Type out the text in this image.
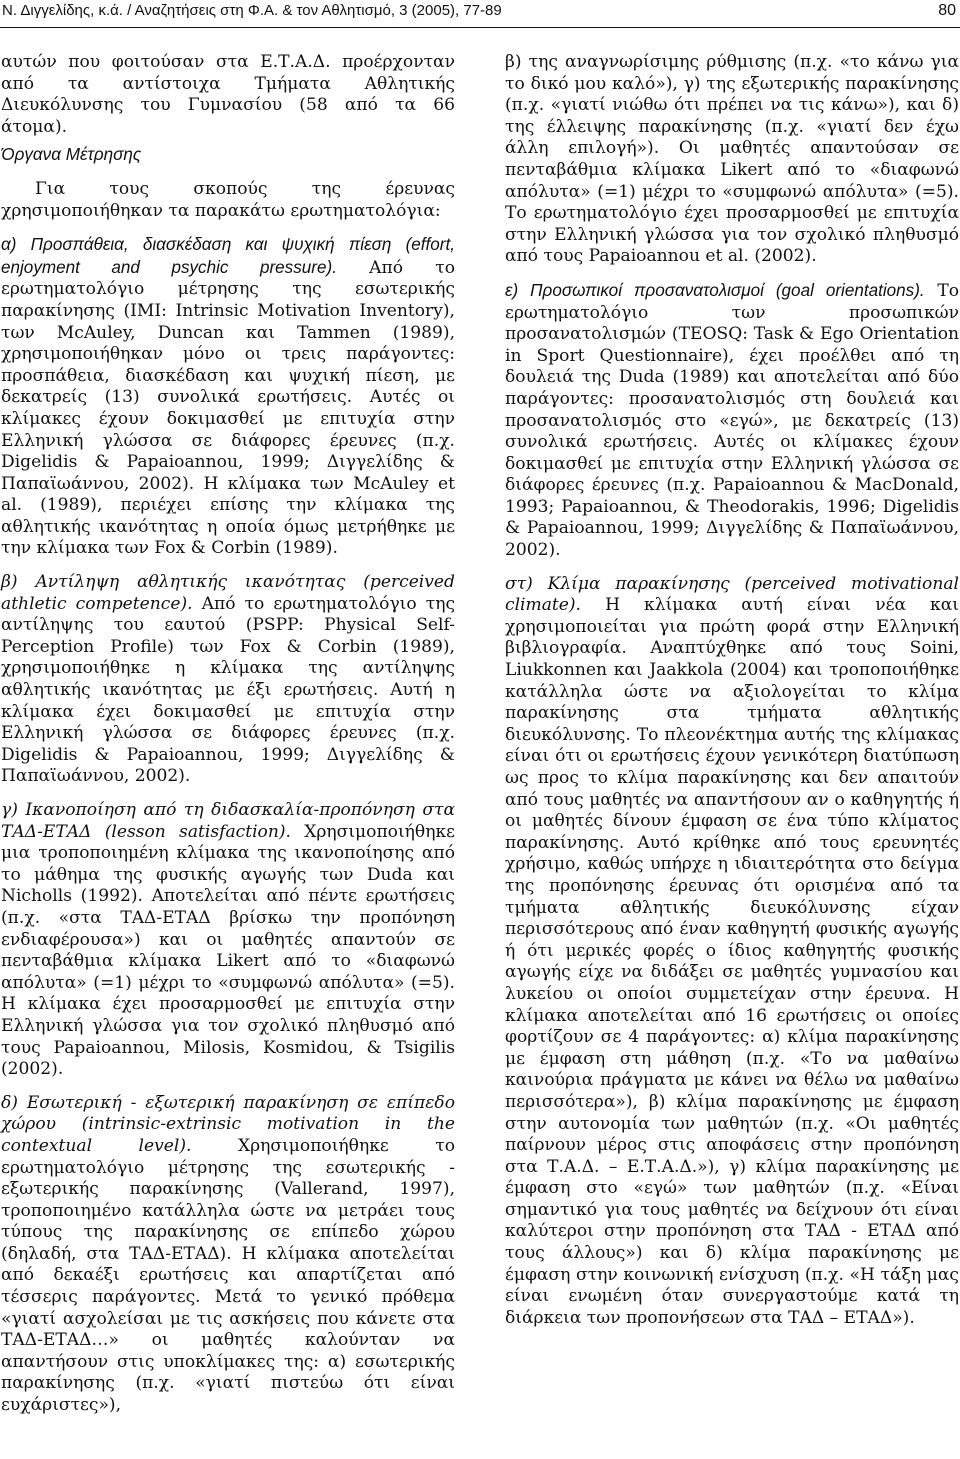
Ν. Διγγελίδης, κ.ά. / Αναζητήσεις στη Φ.Α. & τον Αθλητισμό, 3 (2005), 77-89	80

αυτών που φοιτούσαν στα Ε.Τ.Α.Δ. προέρχονταν από τα αντίστοιχα Τμήματα Αθλητικής Διευκόλυνσης του Γυμνασίου (58 από τα 66 άτομα).

Όργανα Μέτρησης

Για τους σκοπούς της έρευνας χρησιμοποιήθηκαν τα παρακάτω ερωτηματολόγια:

α) Προσπάθεια, διασκέδαση και ψυχική πίεση (effort, enjoyment and psychic pressure). Από το ερωτηματολόγιο μέτρησης της εσωτερικής παρακίνησης (IMI: Intrinsic Motivation Inventory), των McAuley, Duncan και Tammen (1989), χρησιμοποιήθηκαν μόνο οι τρεις παράγοντες: προσπάθεια, διασκέδαση και ψυχική πίεση, με δεκατρείς (13) συνολικά ερωτήσεις. Αυτές οι κλίμακες έχουν δοκιμασθεί με επιτυχία στην Ελληνική γλώσσα σε διάφορες έρευνες (π.χ. Digelidis & Papaioannou, 1999; Διγγελίδης & Παπαϊωάννου, 2002). Η κλίμακα των McAuley et al. (1989), περιέχει επίσης την κλίμακα της αθλητικής ικανότητας η οποία όμως μετρήθηκε με την κλίμακα των Fox & Corbin (1989).

β) Αντίληψη αθλητικής ικανότητας (perceived athletic competence). Από το ερωτηματολόγιο της αντίληψης του εαυτού (PSPP: Physical Self-Perception Profile) των Fox & Corbin (1989), χρησιμοποιήθηκε η κλίμακα της αντίληψης αθλητικής ικανότητας με έξι ερωτήσεις. Αυτή η κλίμακα έχει δοκιμασθεί με επιτυχία στην Ελληνική γλώσσα σε διάφορες έρευνες (π.χ. Digelidis & Papaioannou, 1999; Διγγελίδης & Παπαϊωάννου, 2002).

γ) Ικανοποίηση από τη διδασκαλία-προπόνηση στα ΤΑΔ-ΕΤΑΔ (lesson satisfaction). Χρησιμοποιήθηκε μια τροποποιημένη κλίμακα της ικανοποίησης από το μάθημα της φυσικής αγωγής των Duda και Nicholls (1992). Αποτελείται από πέντε ερωτήσεις (π.χ. «στα ΤΑΔ-ΕΤΑΔ βρίσκω την προπόνηση ενδιαφέρουσα») και οι μαθητές απαντούν σε πενταβάθμια κλίμακα Likert από το «διαφωνώ απόλυτα» (=1) μέχρι το «συμφωνώ απόλυτα» (=5). Η κλίμακα έχει προσαρμοσθεί με επιτυχία στην Ελληνική γλώσσα για τον σχολικό πληθυσμό από τους Papaioannou, Milosis, Kosmidou, & Tsigilis (2002).

δ) Εσωτερική - εξωτερική παρακίνηση σε επίπεδο χώρου (intrinsic-extrinsic motivation in the contextual level).	Χρησιμοποιήθηκε το ερωτηματολόγιο μέτρησης της εσωτερικής - εξωτερικής παρακίνησης (Vallerand, 1997), τροποποιημένο κατάλληλα ώστε να μετράει τους τύπους της παρακίνησης σε επίπεδο χώρου (δηλαδή, στα ΤΑΔ-ΕΤΑΔ). Η κλίμακα αποτελείται από δεκαέξι ερωτήσεις και απαρτίζεται από τέσσερις παράγοντες. Μετά το γενικό πρόθεμα «γιατί ασχολείσαι με τις ασκήσεις που κάνετε στα ΤΑΔ-ΕΤΑΔ…» οι μαθητές καλούνταν να απαντήσουν στις υποκλίμακες της: α) εσωτερικής παρακίνησης (π.χ. «γιατί πιστεύω ότι είναι ευχάριστες»),

β) της αναγνωρίσιμης ρύθμισης (π.χ. «το κάνω για το δικό μου καλό»), γ) της εξωτερικής παρακίνησης (π.χ. «γιατί νιώθω ότι πρέπει να τις κάνω»), και δ) της έλλειψης παρακίνησης (π.χ. «γιατί δεν έχω άλλη επιλογή»). Οι μαθητές απαντούσαν σε πενταβάθμια κλίμακα Likert από το «διαφωνώ απόλυτα» (=1) μέχρι το «συμφωνώ απόλυτα» (=5). Το ερωτηματολόγιο έχει προσαρμοσθεί με επιτυχία στην Ελληνική γλώσσα για τον σχολικό πληθυσμό από τους Papaioannou et al. (2002).

ε) Προσωπικοί προσανατολισμοί (goal orientations). Το ερωτηματολόγιο των προσωπικών προσανατολισμών (TEOSQ: Task & Ego Orientation in Sport Questionnaire), έχει προέλθει από τη δουλειά της Duda (1989) και αποτελείται από δύο παράγοντες: προσανατολισμός στη δουλειά και προσανατολισμός στο «εγώ», με δεκατρείς (13) συνολικά ερωτήσεις. Αυτές οι κλίμακες έχουν δοκιμασθεί με επιτυχία στην Ελληνική γλώσσα σε διάφορες έρευνες (π.χ. Papaioannou & MacDonald, 1993; Papaioannou, & Theodorakis, 1996; Digelidis & Papaioannou, 1999; Διγγελίδης & Παπαϊωάννου, 2002).

στ) Κλίμα παρακίνησης (perceived motivational climate). Η κλίμακα αυτή είναι νέα και χρησιμοποιείται για πρώτη φορά στην Ελληνική βιβλιογραφία. Αναπτύχθηκε από τους Soini, Liukkonnen και Jaakkola (2004) και τροποποιήθηκε κατάλληλα ώστε να αξιολογείται το κλίμα παρακίνησης στα τμήματα αθλητικής διευκόλυνσης. Το πλεονέκτημα αυτής της κλίμακας είναι ότι οι ερωτήσεις έχουν γενικότερη διατύπωση ως προς το κλίμα παρακίνησης και δεν απαιτούν από τους μαθητές να απαντήσουν αν ο καθηγητής ή οι μαθητές δίνουν έμφαση σε ένα τύπο κλίματος παρακίνησης. Αυτό κρίθηκε από τους ερευνητές χρήσιμο, καθώς υπήρχε η ιδιαιτερότητα στο δείγμα της προπόνησης έρευνας ότι ορισμένα από τα τμήματα αθλητικής διευκόλυνσης είχαν περισσότερους από έναν καθηγητή φυσικής αγωγής ή ότι μερικές φορές ο ίδιος καθηγητής φυσικής αγωγής είχε να διδάξει σε μαθητές γυμνασίου και λυκείου οι οποίοι συμμετείχαν στην έρευνα. Η κλίμακα αποτελείται από 16 ερωτήσεις οι οποίες φορτίζουν σε 4 παράγοντες: α) κλίμα παρακίνησης με έμφαση στη μάθηση (π.χ. «Το να μαθαίνω καινούρια πράγματα με κάνει να θέλω να μαθαίνω περισσότερα»), β) κλίμα παρακίνησης με έμφαση στην αυτονομία των μαθητών (π.χ. «Οι μαθητές παίρνουν μέρος στις αποφάσεις στην προπόνηση στα Τ.Α.Δ. – Ε.Τ.Α.Δ.»), γ) κλίμα παρακίνησης με έμφαση στο «εγώ» των μαθητών (π.χ. «Είναι σημαντικό για τους μαθητές να δείχνουν ότι είναι καλύτεροι στην προπόνηση στα ΤΑΔ - ΕΤΑΔ από τους άλλους») και δ) κλίμα παρακίνησης με έμφαση στην κοινωνική ενίσχυση (π.χ. «Η τάξη μας είναι ενωμένη όταν συνεργαστούμε κατά τη διάρκεια των προπονήσεων στα ΤΑΔ – ΕΤΑΔ»).
